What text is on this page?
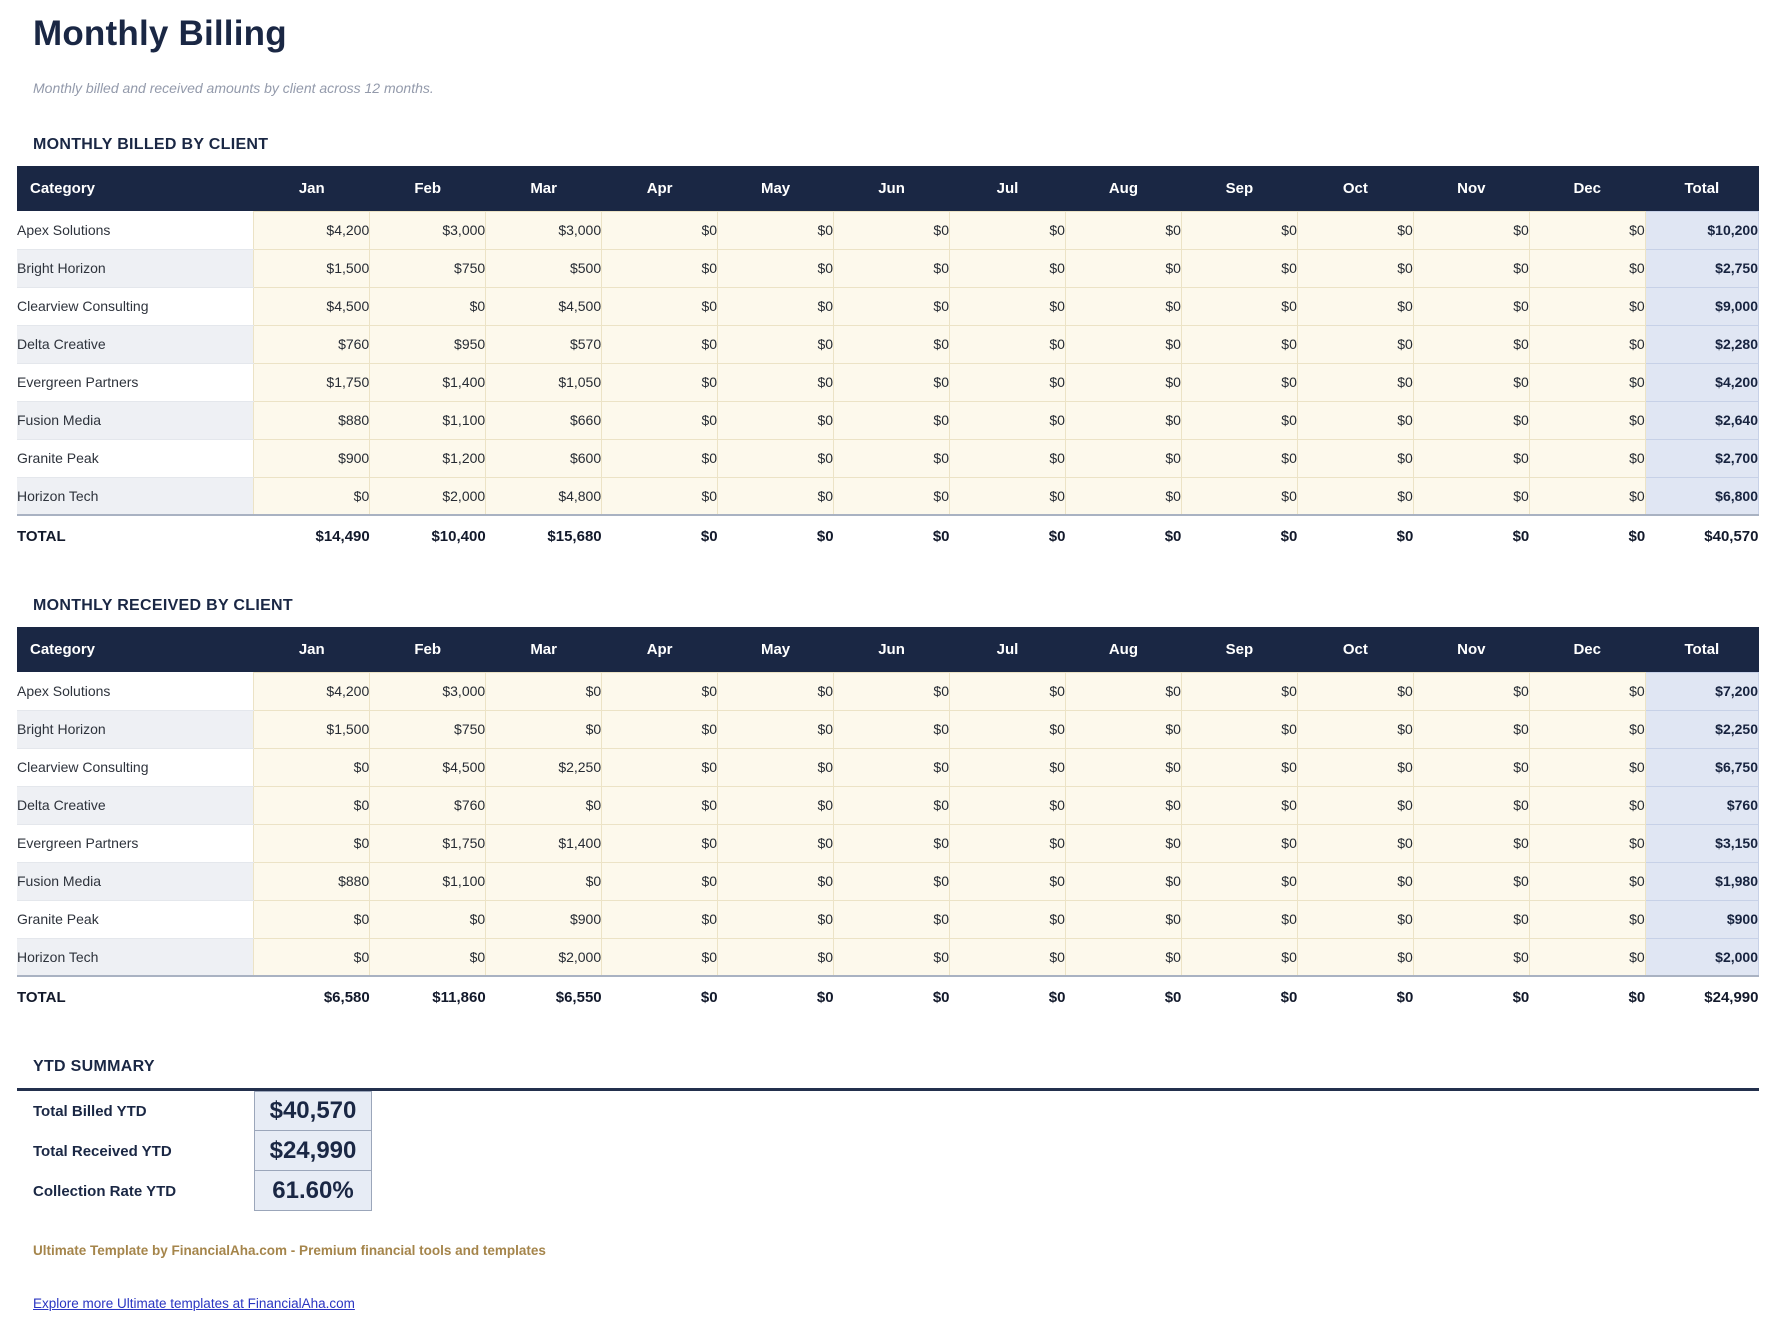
Monthly Billing
Monthly billed and received amounts by client across 12 months.
MONTHLY BILLED BY CLIENT
Category	Jan	Feb	Mar	Apr	May	Jun	Jul	Aug	Sep	Oct	Nov	Dec	Total
Apex Solutions	$4,200	$3,000	$3,000	$0	$0	$0	$0	$0	$0	$0	$0	$0	$10,200
Bright Horizon	$1,500	$750	$500	$0	$0	$0	$0	$0	$0	$0	$0	$0	$2,750
Clearview Consulting	$4,500	$0	$4,500	$0	$0	$0	$0	$0	$0	$0	$0	$0	$9,000
Delta Creative	$760	$950	$570	$0	$0	$0	$0	$0	$0	$0	$0	$0	$2,280
Evergreen Partners	$1,750	$1,400	$1,050	$0	$0	$0	$0	$0	$0	$0	$0	$0	$4,200
Fusion Media	$880	$1,100	$660	$0	$0	$0	$0	$0	$0	$0	$0	$0	$2,640
Granite Peak	$900	$1,200	$600	$0	$0	$0	$0	$0	$0	$0	$0	$0	$2,700
Horizon Tech	$0	$2,000	$4,800	$0	$0	$0	$0	$0	$0	$0	$0	$0	$6,800
TOTAL	$14,490	$10,400	$15,680	$0	$0	$0	$0	$0	$0	$0	$0	$0	$40,570
MONTHLY RECEIVED BY CLIENT
Category	Jan	Feb	Mar	Apr	May	Jun	Jul	Aug	Sep	Oct	Nov	Dec	Total
Apex Solutions	$4,200	$3,000	$0	$0	$0	$0	$0	$0	$0	$0	$0	$0	$7,200
Bright Horizon	$1,500	$750	$0	$0	$0	$0	$0	$0	$0	$0	$0	$0	$2,250
Clearview Consulting	$0	$4,500	$2,250	$0	$0	$0	$0	$0	$0	$0	$0	$0	$6,750
Delta Creative	$0	$760	$0	$0	$0	$0	$0	$0	$0	$0	$0	$0	$760
Evergreen Partners	$0	$1,750	$1,400	$0	$0	$0	$0	$0	$0	$0	$0	$0	$3,150
Fusion Media	$880	$1,100	$0	$0	$0	$0	$0	$0	$0	$0	$0	$0	$1,980
Granite Peak	$0	$0	$900	$0	$0	$0	$0	$0	$0	$0	$0	$0	$900
Horizon Tech	$0	$0	$2,000	$0	$0	$0	$0	$0	$0	$0	$0	$0	$2,000
TOTAL	$6,580	$11,860	$6,550	$0	$0	$0	$0	$0	$0	$0	$0	$0	$24,990
YTD SUMMARY
Total Billed YTD	$40,570
Total Received YTD	$24,990
Collection Rate YTD	61.60%
Ultimate Template by FinancialAha.com - Premium financial tools and templates

Explore more Ultimate templates at FinancialAha.com
